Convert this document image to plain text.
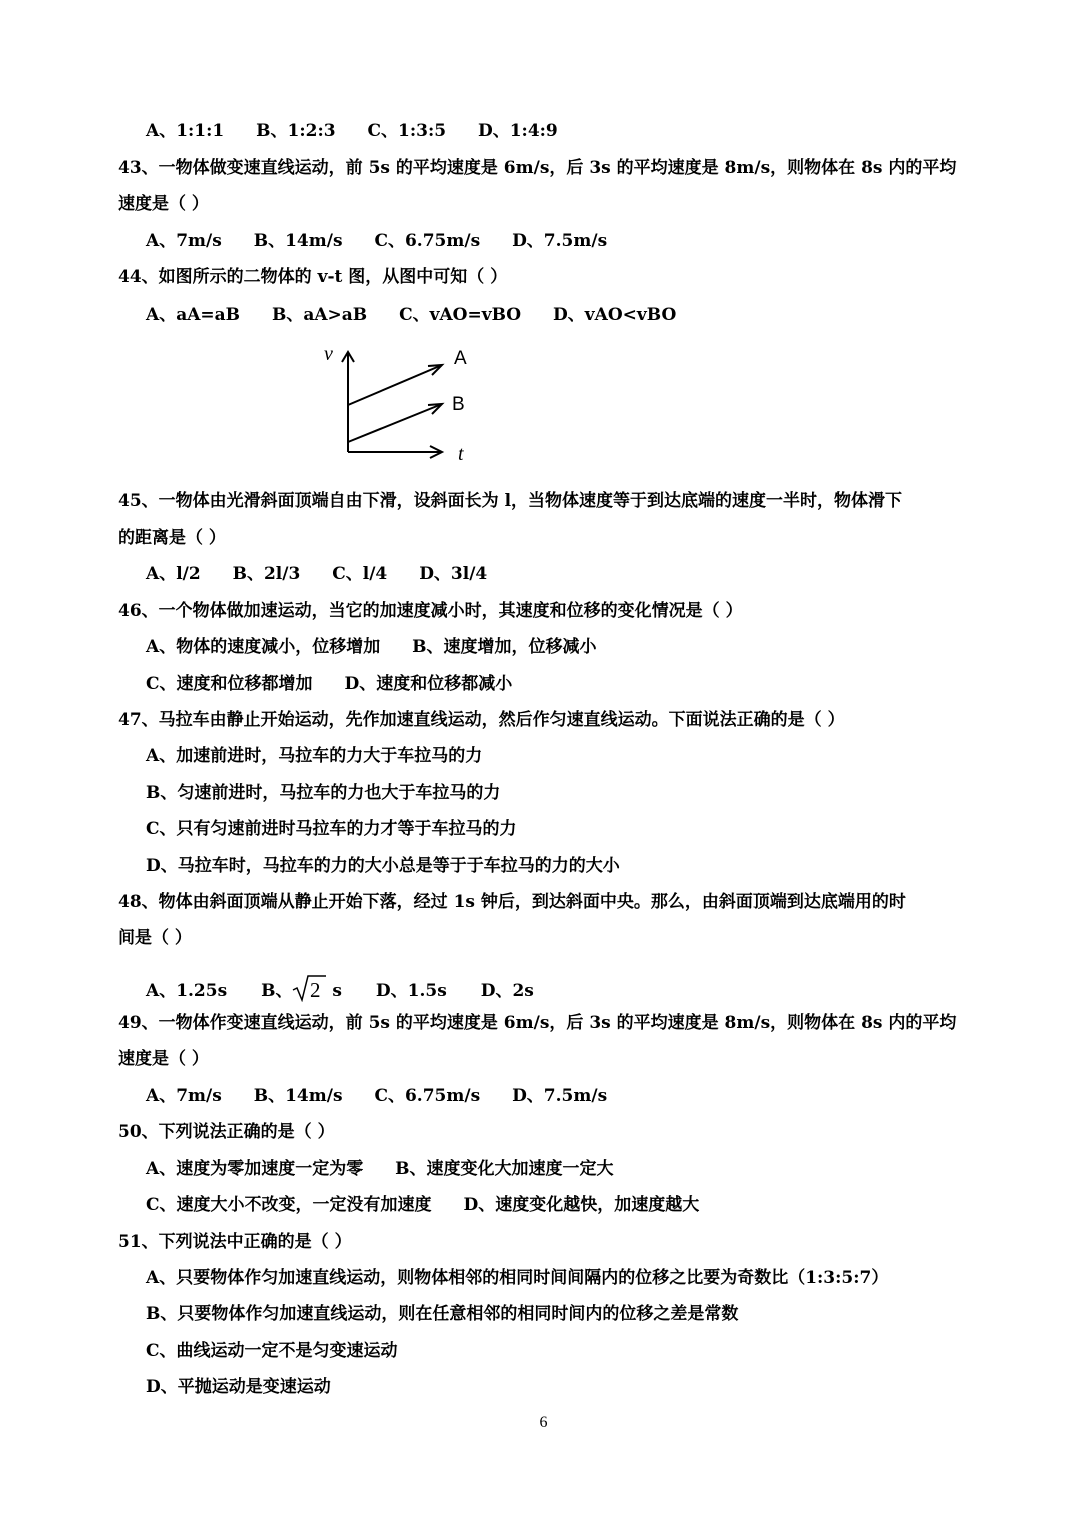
A、1:1:1 B、1:2:3 C、1:3:5 D、1:4:9
43、一物体做变速直线运动，前 5s 的平均速度是 6m/s，后 3s 的平均速度是 8m/s，则物体在 8s 内的平均
速度是（ ）
A、7m/s B、14m/s C、6.75m/s D、7.5m/s
44、如图所示的二物体的 v-t 图，从图中可知（ ）
A、aA=aB B、aA>aB C、vAO=vBO D、vAO<vBO
v	A
B
t
45、一物体由光滑斜面顶端自由下滑，设斜面长为 l，当物体速度等于到达底端的速度一半时，物体滑下
的距离是（ ）
A、l/2 B、2l/3 C、l/4 D、3l/4
46、一个物体做加速运动，当它的加速度减小时，其速度和位移的变化情况是（ ）
A、物体的速度减小，位移增加 B、速度增加，位移减小
C、速度和位移都增加 D、速度和位移都减小
47、马拉车由静止开始运动，先作加速直线运动，然后作匀速直线运动。下面说法正确的是（ ）
A、加速前进时，马拉车的力大于车拉马的力
B、匀速前进时，马拉车的力也大于车拉马的力
C、只有匀速前进时马拉车的力才等于车拉马的力
D、马拉车时，马拉车的力的大小总是等于于车拉马的力的大小
48、物体由斜面顶端从静止开始下落，经过 1s 钟后，到达斜面中央。那么，由斜面顶端到达底端用的时
间是（ ）
A、1.25s B、 2 s D、1.5s D、2s
49、一物体作变速直线运动，前 5s 的平均速度是 6m/s，后 3s 的平均速度是 8m/s，则物体在 8s 内的平均
速度是（ ）
A、7m/s B、14m/s C、6.75m/s D、7.5m/s
50、下列说法正确的是（ ）
A、速度为零加速度一定为零 B、速度变化大加速度一定大
C、速度大小不改变，一定没有加速度 D、速度变化越快，加速度越大
51、下列说法中正确的是（ ）
A、只要物体作匀加速直线运动，则物体相邻的相同时间间隔内的位移之比要为奇数比（1:3:5:7）
B、只要物体作匀加速直线运动，则在任意相邻的相同时间内的位移之差是常数
C、曲线运动一定不是匀变速运动
D、平抛运动是变速运动
6
